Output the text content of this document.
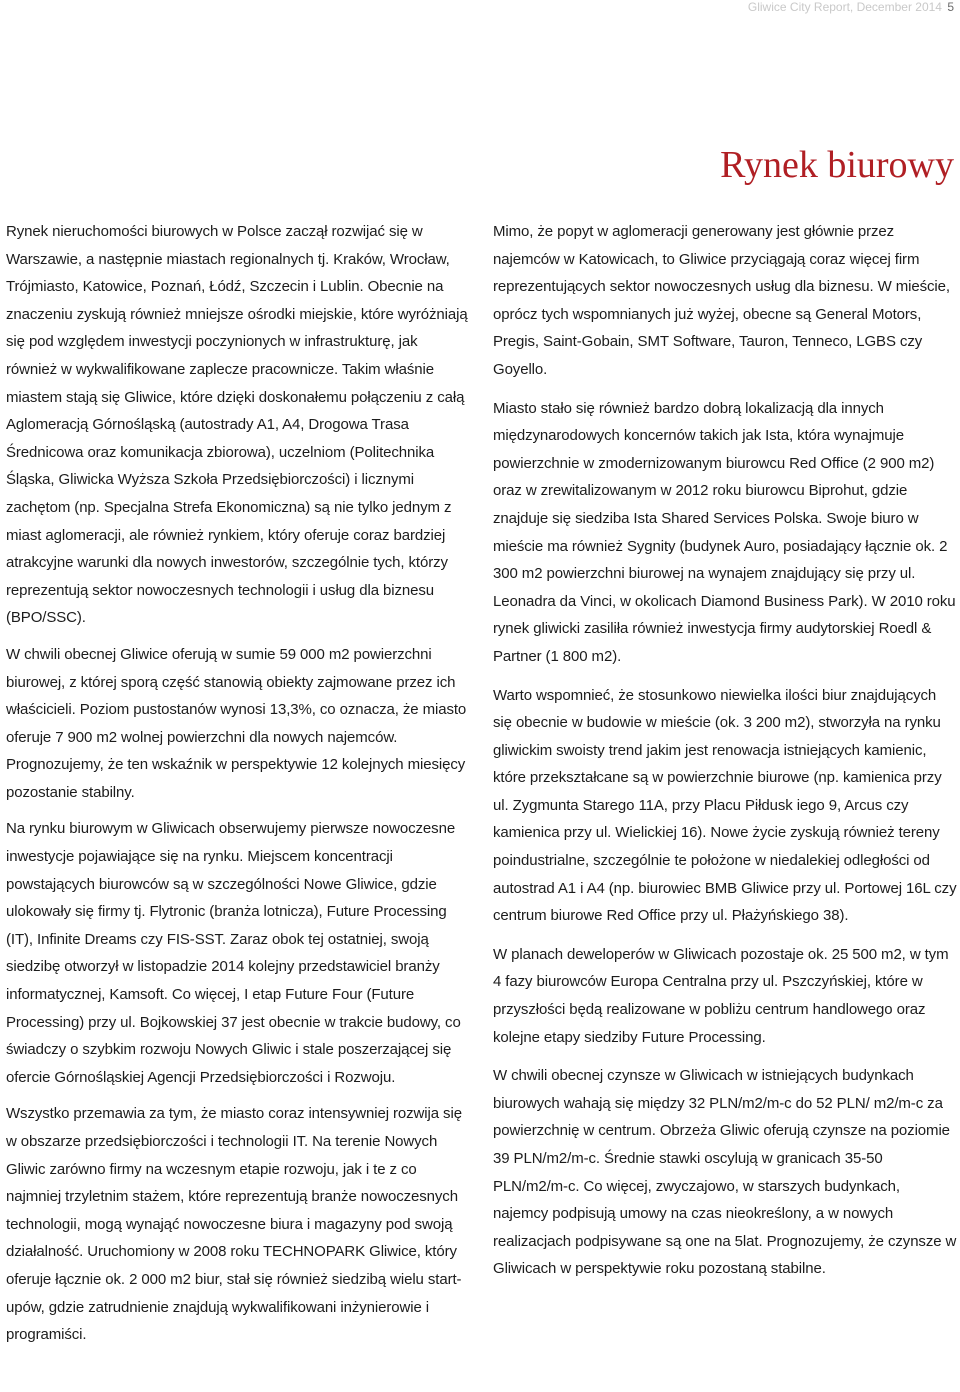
Gliwice City Report, December 2014 5
Rynek biurowy

Rynek nieruchomości biurowych w Polsce zaczął rozwijać się w Warszawie, a następnie miastach regionalnych tj. Kraków, Wrocław, Trójmiasto, Katowice, Poznań, Łódź, Szczecin i Lublin. Obecnie na znaczeniu zyskują również mniejsze ośrodki miejskie, które wyróżniają się pod względem inwestycji poczynionych w infrastrukturę, jak również w wykwalifikowane zaplecze pracownicze. Takim właśnie miastem stają się Gliwice, które dzięki doskonałemu połączeniu z całą Aglomeracją Górnośląską (autostrady A1, A4, Drogowa Trasa Średnicowa oraz komunikacja zbiorowa), uczelniom (Politechnika Śląska, Gliwicka Wyższa Szkoła Przedsiębiorczości) i licznymi zachętom (np. Specjalna Strefa Ekonomiczna) są nie tylko jednym z miast aglomeracji, ale również rynkiem, który oferuje coraz bardziej atrakcyjne warunki dla nowych inwestorów, szczególnie tych, którzy reprezentują sektor nowoczesnych technologii i usług dla biznesu (BPO/SSC).

W chwili obecnej Gliwice oferują w sumie 59 000 m2 powierzchni biurowej, z której sporą część stanowią obiekty zajmowane przez ich właścicieli. Poziom pustostanów wynosi 13,3%, co oznacza, że miasto oferuje 7 900 m2 wolnej powierzchni dla nowych najemców. Prognozujemy, że ten wskaźnik w perspektywie 12 kolejnych miesięcy pozostanie stabilny.

Na rynku biurowym w Gliwicach obserwujemy pierwsze nowoczesne inwestycje pojawiające się na rynku. Miejscem koncentracji powstających biurowców są w szczególności Nowe Gliwice, gdzie ulokowały się firmy tj. Flytronic (branża lotnicza), Future Processing (IT), Infinite Dreams czy FIS-SST. Zaraz obok tej ostatniej, swoją siedzibę otworzył w listopadzie 2014 kolejny przedstawiciel branży informatycznej, Kamsoft. Co więcej, I etap Future Four (Future Processing) przy ul. Bojkowskiej 37 jest obecnie w trakcie budowy, co świadczy o szybkim rozwoju Nowych Gliwic i stale poszerzającej się ofercie Górnośląskiej Agencji Przedsiębiorczości i Rozwoju.

Wszystko przemawia za tym, że miasto coraz intensywniej rozwija się w obszarze przedsiębiorczości i technologii IT. Na terenie Nowych Gliwic zarówno firmy na wczesnym etapie rozwoju, jak i te z co najmniej trzyletnim stażem, które reprezentują branże nowoczesnych technologii, mogą wynająć nowoczesne biura i magazyny pod swoją działalność. Uruchomiony w 2008 roku TECHNOPARK Gliwice, który oferuje łącznie ok. 2 000 m2 biur, stał się również siedzibą wielu start-upów, gdzie zatrudnienie znajdują wykwalifikowani inżynierowie i programiści.

Mimo, że popyt w aglomeracji generowany jest głównie przez najemców w Katowicach, to Gliwice przyciągają coraz więcej firm reprezentujących sektor nowoczesnych usług dla biznesu. W mieście, oprócz tych wspomnianych już wyżej, obecne są General Motors, Pregis, Saint-Gobain, SMT Software, Tauron, Tenneco, LGBS czy Goyello.

Miasto stało się również bardzo dobrą lokalizacją dla innych międzynarodowych koncernów takich jak Ista, która wynajmuje powierzchnie w zmodernizowanym biurowcu Red Office (2 900 m2) oraz w zrewitalizowanym w 2012 roku biurowcu Biprohut, gdzie znajduje się siedziba Ista Shared Services Polska. Swoje biuro w mieście ma również Sygnity (budynek Auro, posiadający łącznie ok. 2 300 m2 powierzchni biurowej na wynajem znajdujący się przy ul. Leonadra da Vinci, w okolicach Diamond Business Park). W 2010 roku rynek gliwicki zasiliła również inwestycja firmy audytorskiej Roedl & Partner (1 800 m2).

Warto wspomnieć, że stosunkowo niewielka ilości biur znajdujących się obecnie w budowie w mieście (ok. 3 200 m2), stworzyła na rynku gliwickim swoisty trend jakim jest renowacja istniejących kamienic, które przekształcane są w powierzchnie biurowe (np. kamienica przy ul. Zygmunta Starego 11A, przy Placu Piłdusk iego 9, Arcus czy kamienica przy ul. Wielickiej 16). Nowe życie zyskują również tereny poindustrialne, szczególnie te położone w niedalekiej odległości od autostrad A1 i A4 (np. biurowiec BMB Gliwice przy ul. Portowej 16L czy centrum biurowe Red Office przy ul. Płażyńskiego 38).

W planach deweloperów w Gliwicach pozostaje ok. 25 500 m2, w tym 4 fazy biurowców Europa Centralna przy ul. Pszczyńskiej, które w przyszłości będą realizowane w pobliżu centrum handlowego oraz kolejne etapy siedziby Future Processing.

W chwili obecnej czynsze w Gliwicach w istniejących budynkach biurowych wahają się między 32 PLN/m2/m-c do 52 PLN/ m2/m-c za powierzchnię w centrum. Obrzeża Gliwic oferują czynsze na poziomie 39 PLN/m2/m-c. Średnie stawki oscylują w granicach 35-50 PLN/m2/m-c. Co więcej, zwyczajowo, w starszych budynkach, najemcy podpisują umowy na czas nieokreślony, a w nowych realizacjach podpisywane są one na 5lat. Prognozujemy, że czynsze w Gliwicach w perspektywie roku pozostaną stabilne.
